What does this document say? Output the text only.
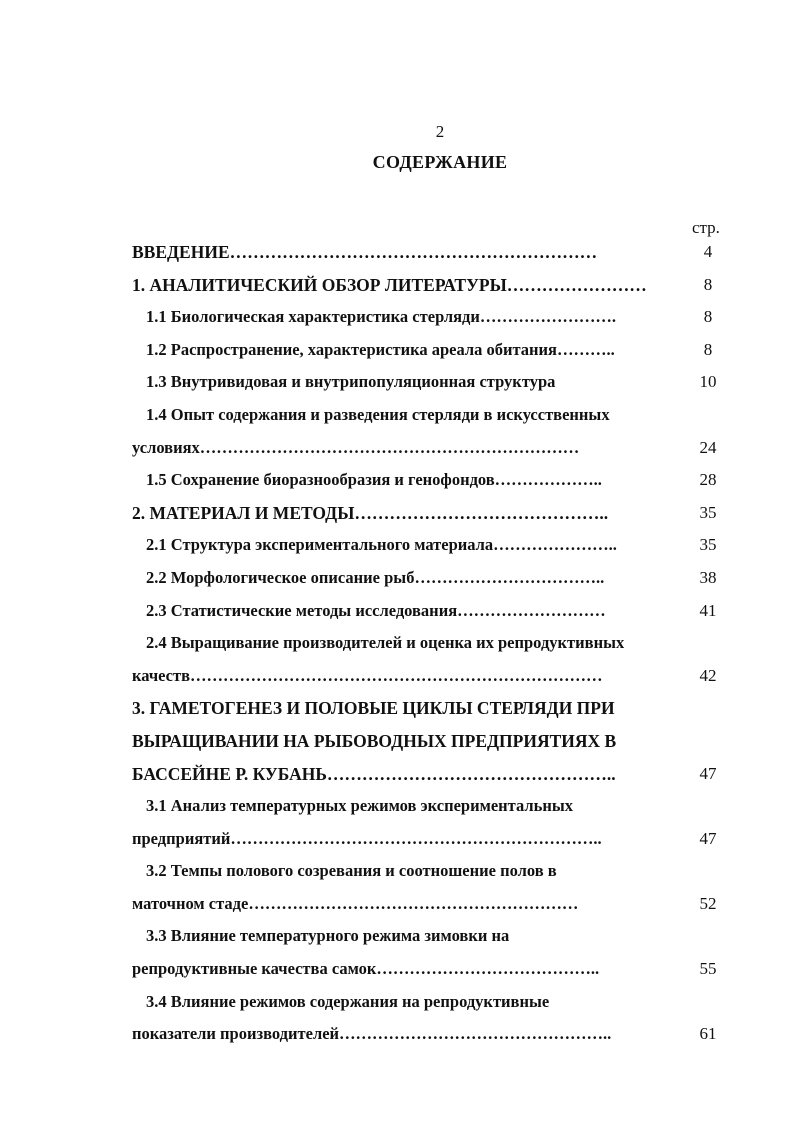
2
СОДЕРЖАНИЕ
стр.
ВВЕДЕНИЕ………………………………………………………	4
1. АНАЛИТИЧЕСКИЙ ОБЗОР ЛИТЕРАТУРЫ……………………	8
1.1 Биологическая характеристика стерляди…………………….	8
1.2 Распространение, характеристика ареала обитания………..	8
1.3 Внутривидовая и внутрипопуляционная структура	10
1.4 Опыт содержания и разведения стерляди в искусственных
условиях……………………………………………………………	24
1.5 Сохранение биоразнообразия и генофондов………………..	28
2. МАТЕРИАЛ И МЕТОДЫ……………………………………..	35
2.1 Структура экспериментального материала…………………..	35
2.2 Морфологическое описание рыб……………………………..	38
2.3 Статистические методы исследования………………………	41
2.4 Выращивание производителей и оценка их репродуктивных
качеств…………………………………………………………………	42
3. ГАМЕТОГЕНЕЗ И ПОЛОВЫЕ ЦИКЛЫ СТЕРЛЯДИ ПРИ
ВЫРАЩИВАНИИ НА РЫБОВОДНЫХ ПРЕДПРИЯТИЯХ В
БАССЕЙНЕ Р. КУБАНЬ…………………………………………..	47
3.1 Анализ температурных режимов экспериментальных
предприятий…………………………………………………………..	47
3.2 Темпы полового созревания и соотношение полов в
маточном стаде……………………………………………………	52
3.3 Влияние температурного режима зимовки на
репродуктивные качества самок…………………………………..	55
3.4 Влияние режимов содержания на репродуктивные
показатели производителей…………………………………………..	61
